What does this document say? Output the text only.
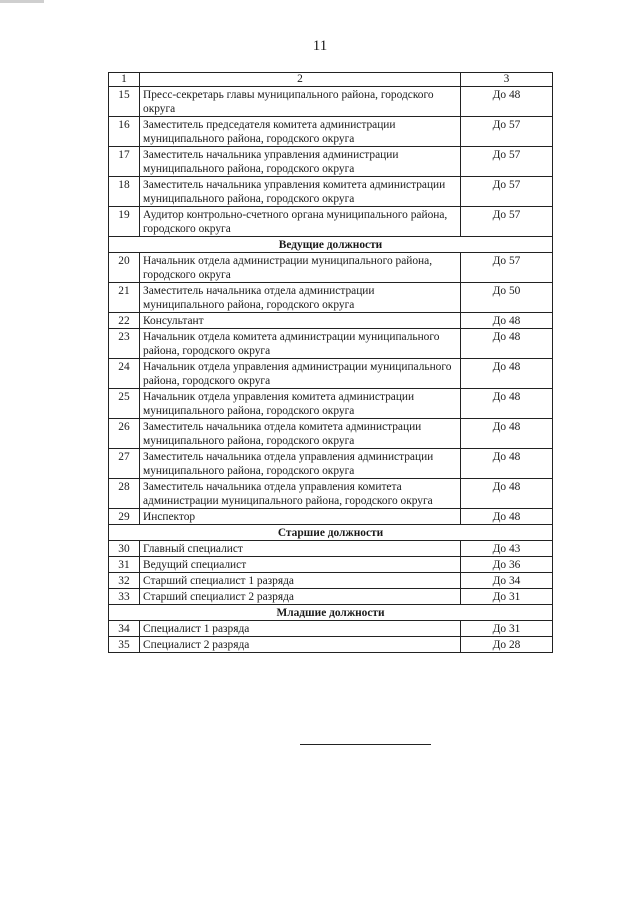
11
1	2	3
15	Пресс-секретарь главы муниципального района, городского округа	До 48
16	Заместитель председателя комитета администрации муниципального района, городского округа	До 57
17	Заместитель начальника управления администрации муниципального района, городского округа	До 57
18	Заместитель начальника управления комитета администрации муниципального района, городского округа	До 57
19	Аудитор контрольно-счетного органа муниципального района, городского округа	До 57
Ведущие должности		
20	Начальник отдела администрации муниципального района, городского округа	До 57
21	Заместитель начальника отдела администрации муниципального района, городского округа	До 50
22	Консультант	До 48
23	Начальник отдела комитета администрации муниципального района, городского округа	До 48
24	Начальник отдела управления администрации муниципального района, городского округа	До 48
25	Начальник отдела управления комитета администрации муниципального района, городского округа	До 48
26	Заместитель начальника отдела комитета администрации муниципального района, городского округа	До 48
27	Заместитель начальника отдела управления администрации муниципального района, городского округа	До 48
28	Заместитель начальника отдела управления комитета администрации муниципального района, городского округа	До 48
29	Инспектор	До 48
Старшие должности		
30	Главный специалист	До 43
31	Ведущий специалист	До 36
32	Старший специалист 1 разряда	До 34
33	Старший специалист 2 разряда	До 31
Младшие должности		
34	Специалист 1 разряда	До 31
35	Специалист 2 разряда	До 28
